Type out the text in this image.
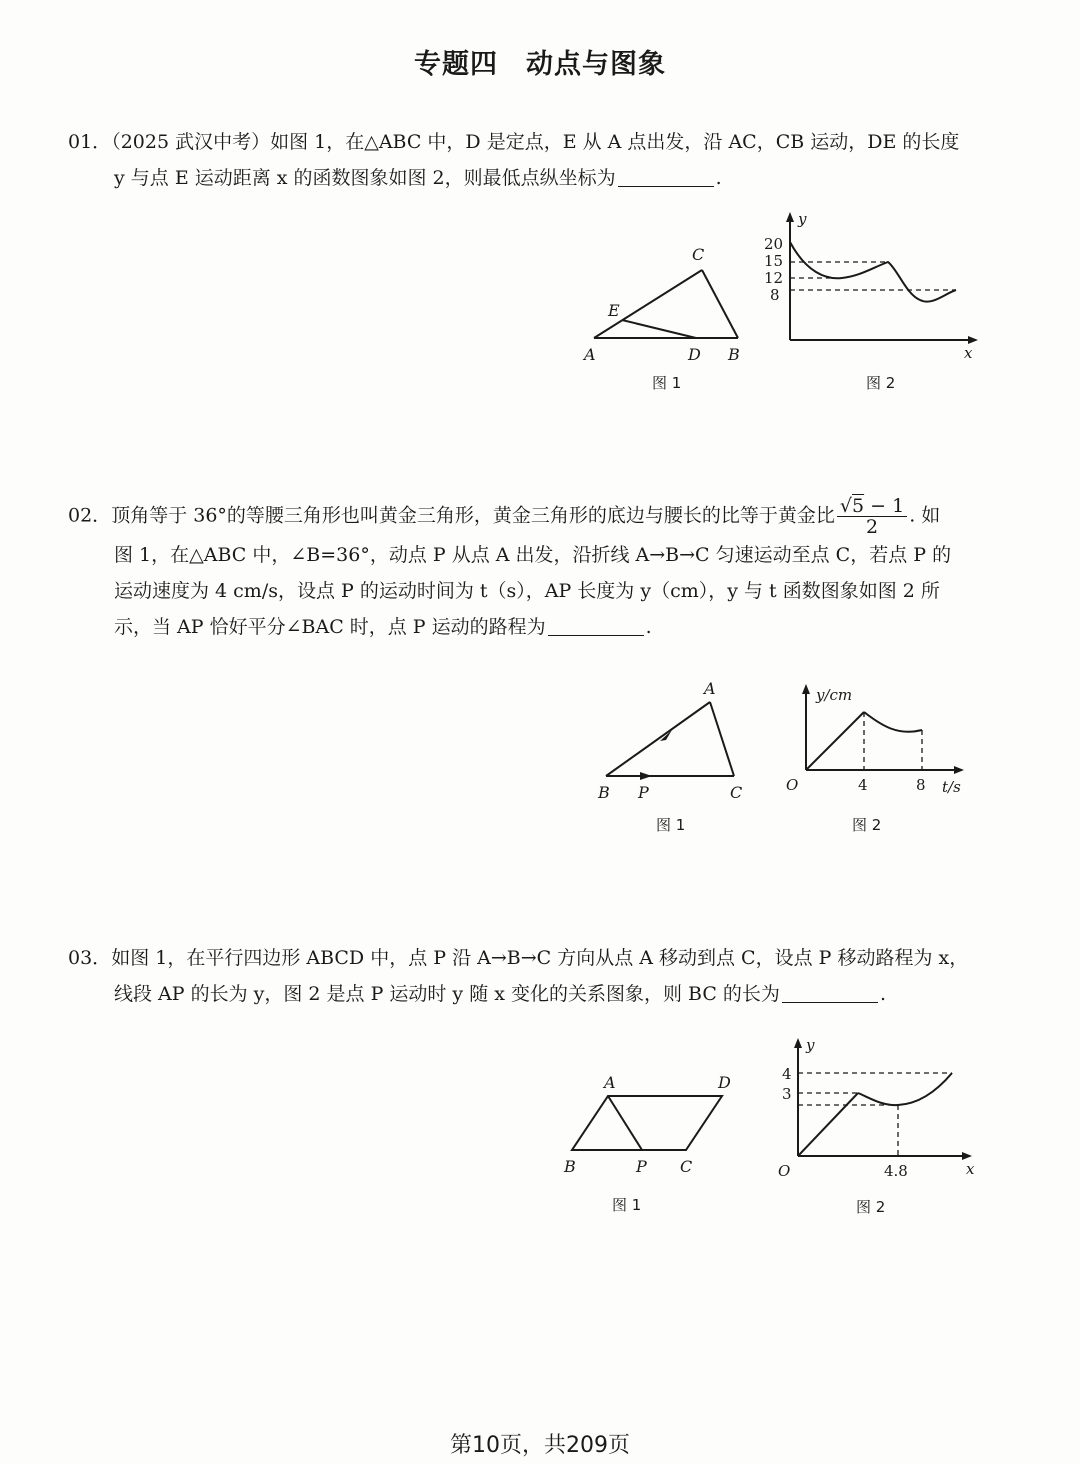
专题四　动点与图象

01．（2025 武汉中考）如图 1，在△ABC 中，D 是定点，E 从 A 点出发，沿 AC，CB 运动，DE 的长度

y 与点 E 运动距离 x 的函数图象如图 2，则最低点纵坐标为	.

A	B
C
D
E
图 1
y
x
20
15
12
8
图 2

02．顶角等于 36°的等腰三角形也叫黄金三角形，黄金三角形的底边与腰长的比等于黄金比 $\frac{√5 - 1}{2}$ . 如

图 1，在△ABC 中，∠B=36°，动点 P 从点 A 出发，沿折线 A→B→C 匀速运动至点 C，若点 P 的

运动速度为 4 cm/s，设点 P 的运动时间为 t（s），AP 长度为 y（cm），y 与 t 函数图象如图 2 所

示，当 AP 恰好平分∠BAC 时，点 P 运动的路程为	.

A
B P	C
图 1
y/cm
t/s
O	4	8
图 2

03．如图 1，在平行四边形 ABCD 中，点 P 沿 A→B→C 方向从点 A 移动到点 C，设点 P 移动路程为 x，

线段 AP 的长为 y，图 2 是点 P 运动时 y 随 x 变化的关系图象，则 BC 的长为	.

A	D
B	P C
图 1
y
x
O
4
3
4.8
图 2
第10页，共209页
